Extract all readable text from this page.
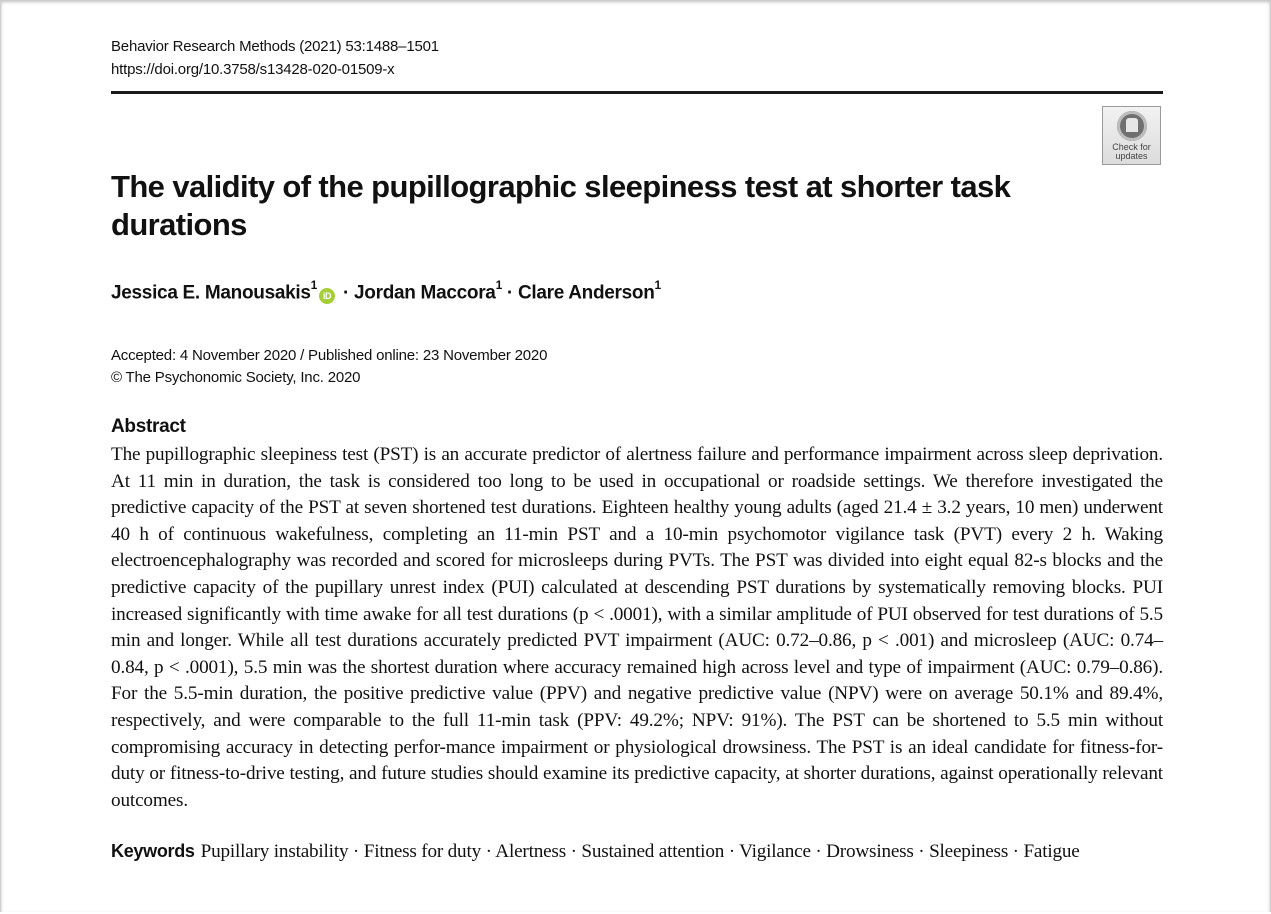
Behavior Research Methods (2021) 53:1488–1501
https://doi.org/10.3758/s13428-020-01509-x
Check for updates
The validity of the pupillographic sleepiness test at shorter task durations
Jessica E. Manousakis$^1$iD · Jordan Maccora$^1$ · Clare Anderson$^1$
Accepted: 4 November 2020 / Published online: 23 November 2020
© The Psychonomic Society, Inc. 2020
Abstract

The pupillographic sleepiness test (PST) is an accurate predictor of alertness failure and performance impairment across sleep deprivation. At 11 min in duration, the task is considered too long to be used in occupational or roadside settings. We therefore investigated the predictive capacity of the PST at seven shortened test durations. Eighteen healthy young adults (aged 21.4 ± 3.2 years, 10 men) underwent 40 h of continuous wakefulness, completing an 11-min PST and a 10-min psychomotor vigilance task (PVT) every 2 h. Waking electroencephalography was recorded and scored for microsleeps during PVTs. The PST was divided into eight equal 82-s blocks and the predictive capacity of the pupillary unrest index (PUI) calculated at descending PST durations by systematically removing blocks. PUI increased significantly with time awake for all test durations (p < .0001), with a similar amplitude of PUI observed for test durations of 5.5 min and longer. While all test durations accurately predicted PVT impairment (AUC: 0.72–0.86, p < .001) and microsleep (AUC: 0.74–0.84, p < .0001), 5.5 min was the shortest duration where accuracy remained high across level and type of impairment (AUC: 0.79–0.86). For the 5.5-min duration, the positive predictive value (PPV) and negative predictive value (NPV) were on average 50.1% and 89.4%, respectively, and were comparable to the full 11-min task (PPV: 49.2%; NPV: 91%). The PST can be shortened to 5.5 min without compromising accuracy in detecting perfor-mance impairment or physiological drowsiness. The PST is an ideal candidate for fitness-for-duty or fitness-to-drive testing, and future studies should examine its predictive capacity, at shorter durations, against operationally relevant outcomes.

Keywords Pupillary instability · Fitness for duty · Alertness · Sustained attention · Vigilance · Drowsiness · Sleepiness · Fatigue
